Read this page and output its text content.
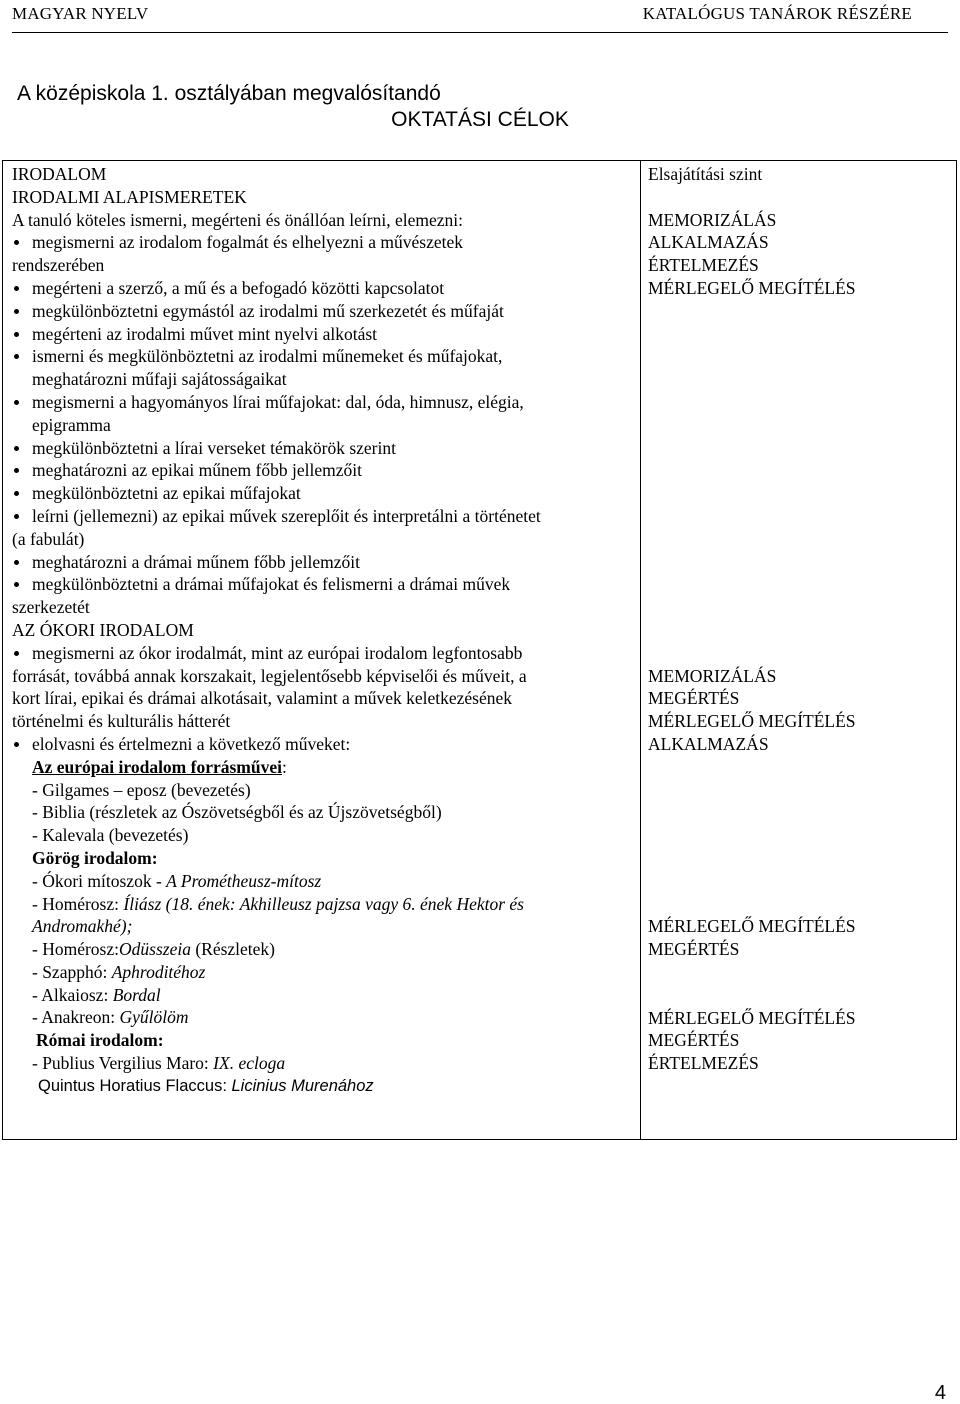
MAGYAR NYELV	KATALÓGUS TANÁROK RÉSZÉRE
A középiskola 1. osztályában megvalósítandó
OKTATÁSI CÉLOK
IRODALOM
IRODALMI ALAPISMERETEK
A tanuló köteles ismerni, megérteni és önállóan leírni, elemezni:
megismerni az irodalom fogalmát és elhelyezni a művészetek
rendszerében
megérteni a szerző, a mű és a befogadó közötti kapcsolatot
megkülönböztetni egymástól az irodalmi mű szerkezetét és műfaját
megérteni az irodalmi művet mint nyelvi alkotást
ismerni és megkülönböztetni az irodalmi műnemeket és műfajokat,
meghatározni műfaji sajátosságaikat
megismerni a hagyományos lírai műfajokat: dal, óda, himnusz, elégia,
epigramma
megkülönböztetni a lírai verseket témakörök szerint
meghatározni az epikai műnem főbb jellemzőit
megkülönböztetni az epikai műfajokat
leírni (jellemezni) az epikai művek szereplőit és interpretálni a történetet
(a fabulát)
meghatározni a drámai műnem főbb jellemzőit
megkülönböztetni a drámai műfajokat és felismerni a drámai művek
szerkezetét
AZ ÓKORI IRODALOM
megismerni az ókor irodalmát, mint az európai irodalom legfontosabb
forrását, továbbá annak korszakait, legjelentősebb képviselői és műveit, a
kort lírai, epikai és drámai alkotásait, valamint a művek keletkezésének
történelmi és kulturális hátterét
elolvasni és értelmezni a következő műveket:
Az európai irodalom forrásművei:
- Gilgames – eposz (bevezetés)
- Biblia (részletek az Ószövetségből és az Újszövetségből)
- Kalevala (bevezetés)
Görög irodalom:
- Ókori mítoszok - A Prométheusz-mítosz
- Homérosz: Íliász (18. ének: Akhilleusz pajzsa vagy 6. ének Hektor és
Andromakhé);
- Homérosz:Odüsszeia (Részletek)
- Szapphó: Aphroditéhoz
- Alkaiosz: Bordal
- Anakreon: Gyűlölöm
Római irodalom:
- Publius Vergilius Maro: IX. ecloga
Quintus Horatius Flaccus: Licinius Murenához
Elsajátítási szint
MEMORIZÁLÁS
ALKALMAZÁS
ÉRTELMEZÉS
MÉRLEGELŐ MEGÍTÉLÉS
MEMORIZÁLÁS
MEGÉRTÉS
MÉRLEGELŐ MEGÍTÉLÉS
ALKALMAZÁS
MÉRLEGELŐ MEGÍTÉLÉS
MEGÉRTÉS
MÉRLEGELŐ MEGÍTÉLÉS
MEGÉRTÉS
ÉRTELMEZÉS
4
